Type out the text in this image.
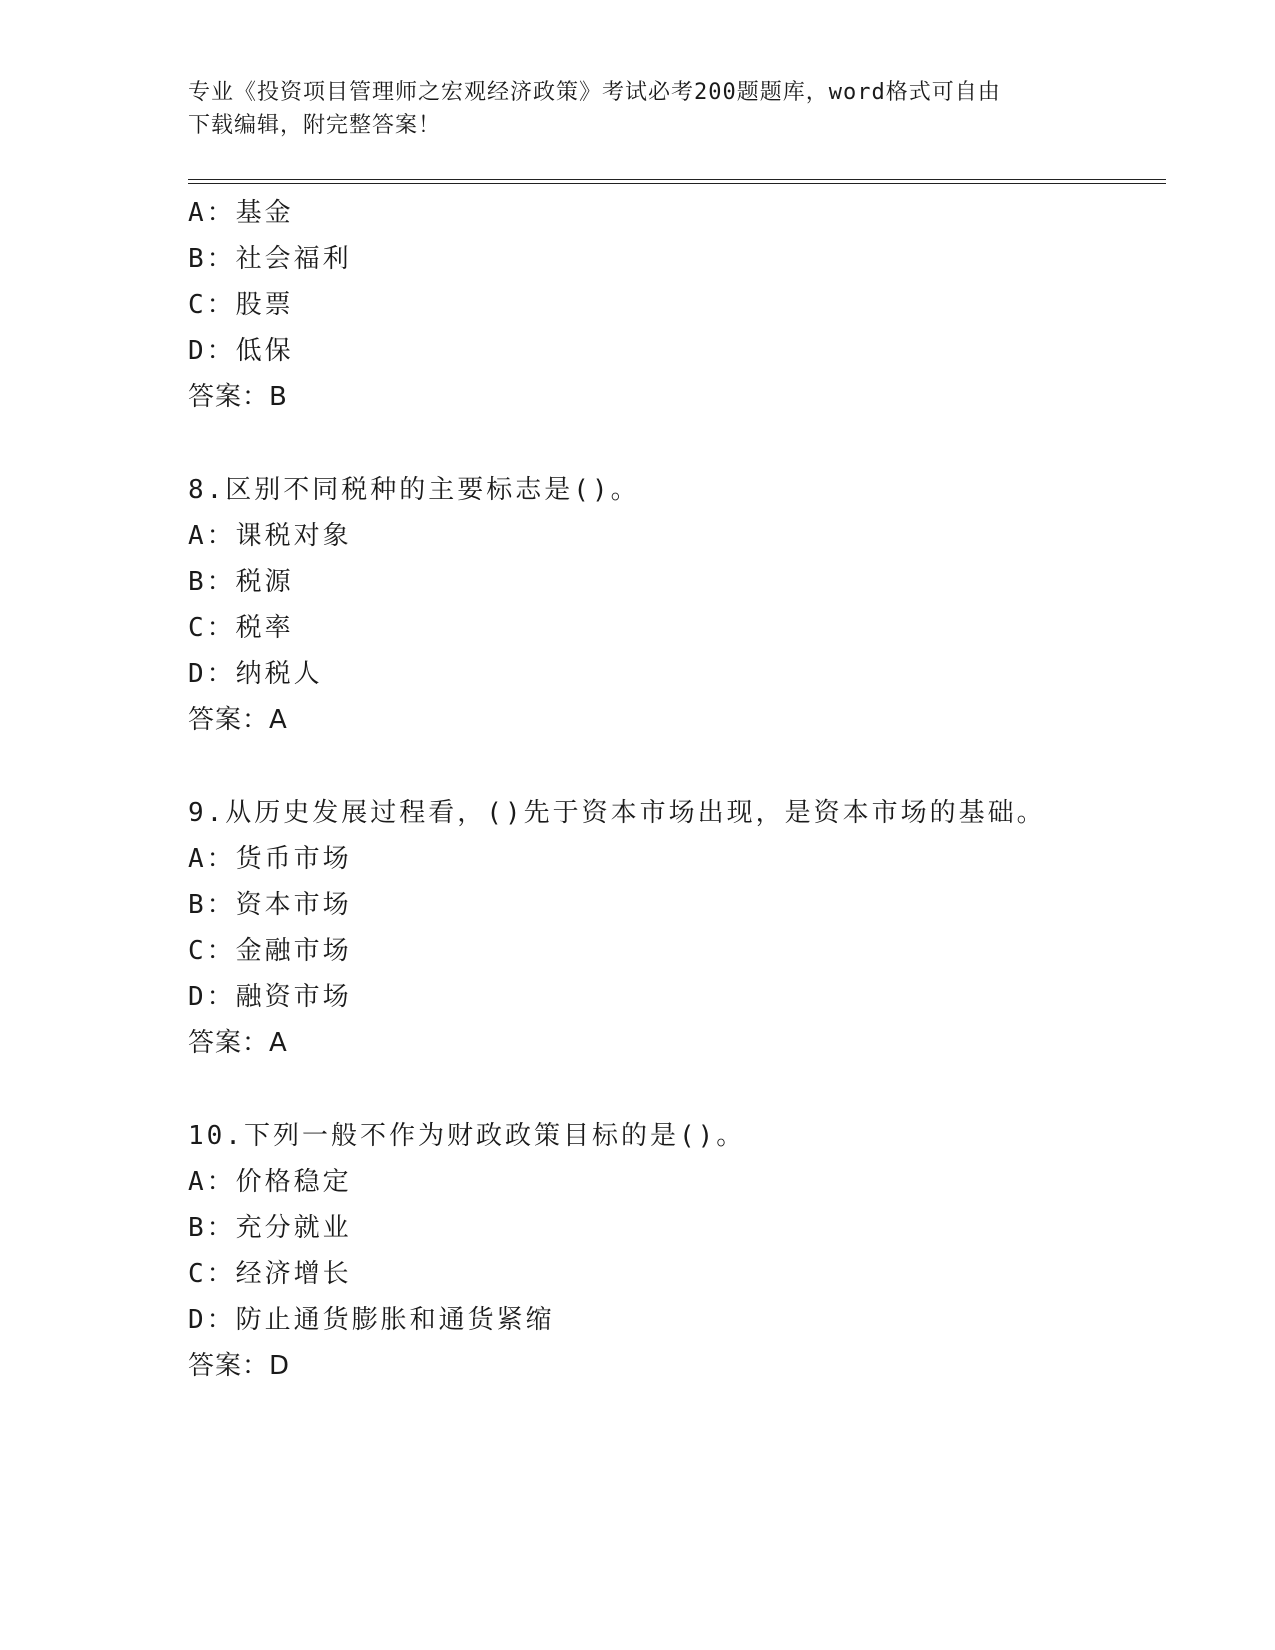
专业《投资项目管理师之宏观经济政策》考试必考200题题库，word格式可自由
下载编辑，附完整答案！
A：基金
B：社会福利
C：股票
D：低保
答案：B
8.区别不同税种的主要标志是()。
A：课税对象
B：税源
C：税率
D：纳税人
答案：A
9.从历史发展过程看，()先于资本市场出现，是资本市场的基础。
A：货币市场
B：资本市场
C：金融市场
D：融资市场
答案：A
10.下列一般不作为财政政策目标的是()。
A：价格稳定
B：充分就业
C：经济增长
D：防止通货膨胀和通货紧缩
答案：D
